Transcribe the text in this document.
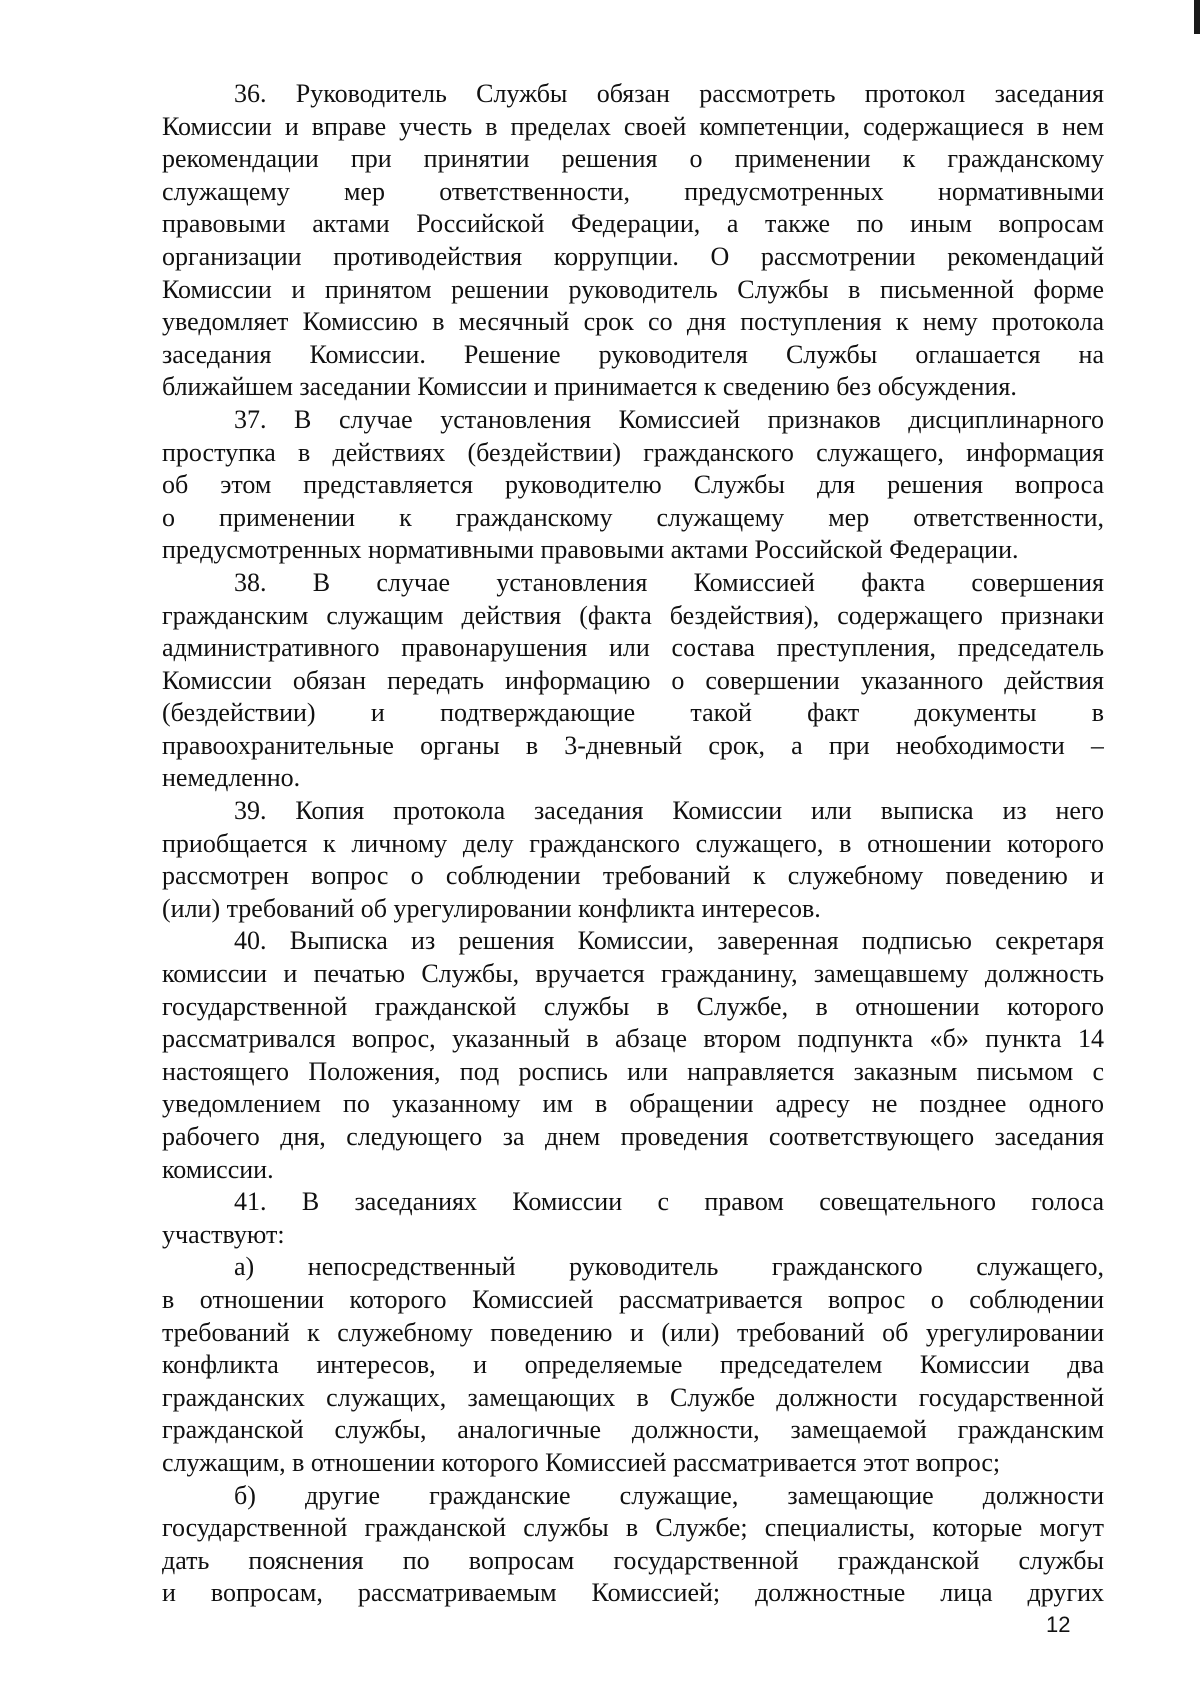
36. Руководитель Службы обязан рассмотреть протокол заседания
Комиссии и вправе учесть в пределах своей компетенции, содержащиеся в нем
рекомендации при принятии решения о применении к гражданскому
служащему мер ответственности, предусмотренных нормативными
правовыми актами Российской Федерации, а также по иным вопросам
организации противодействия коррупции. О рассмотрении рекомендаций
Комиссии и принятом решении руководитель Службы в письменной форме
уведомляет Комиссию в месячный срок со дня поступления к нему протокола
заседания Комиссии. Решение руководителя Службы оглашается на
ближайшем заседании Комиссии и принимается к сведению без обсуждения.
37. В случае установления Комиссией признаков дисциплинарного
проступка в действиях (бездействии) гражданского служащего, информация
об этом представляется руководителю Службы для решения вопроса
о применении к гражданскому служащему мер ответственности,
предусмотренных нормативными правовыми актами Российской Федерации.
38. В случае установления Комиссией факта совершения
гражданским служащим действия (факта бездействия), содержащего признаки
административного правонарушения или состава преступления, председатель
Комиссии обязан передать информацию о совершении указанного действия
(бездействии) и подтверждающие такой факт документы в
правоохранительные органы в 3-дневный срок, а при необходимости –
немедленно.
39. Копия протокола заседания Комиссии или выписка из него
приобщается к личному делу гражданского служащего, в отношении которого
рассмотрен вопрос о соблюдении требований к служебному поведению и
(или) требований об урегулировании конфликта интересов.
40. Выписка из решения Комиссии, заверенная подписью секретаря
комиссии и печатью Службы, вручается гражданину, замещавшему должность
государственной гражданской службы в Службе, в отношении которого
рассматривался вопрос, указанный в абзаце втором подпункта «б» пункта 14
настоящего Положения, под роспись или направляется заказным письмом с
уведомлением по указанному им в обращении адресу не позднее одного
рабочего дня, следующего за днем проведения соответствующего заседания
комиссии.
41. В заседаниях Комиссии с правом совещательного голоса
участвуют:
а) непосредственный руководитель гражданского служащего,
в отношении которого Комиссией рассматривается вопрос о соблюдении
требований к служебному поведению и (или) требований об урегулировании
конфликта интересов, и определяемые председателем Комиссии два
гражданских служащих, замещающих в Службе должности государственной
гражданской службы, аналогичные должности, замещаемой гражданским
служащим, в отношении которого Комиссией рассматривается этот вопрос;
б) другие гражданские служащие, замещающие должности
государственной гражданской службы в Службе; специалисты, которые могут
дать пояснения по вопросам государственной гражданской службы
и вопросам, рассматриваемым Комиссией; должностные лица других
12
